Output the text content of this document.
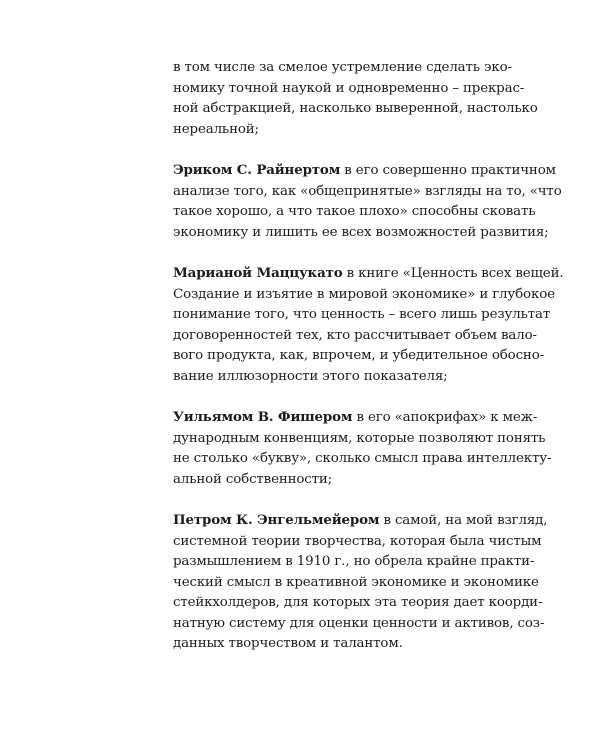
в том числе за смелое устремление сделать эко-
номику точной наукой и одновременно – прекрас-
ной абстракцией, насколько выверенной, настолько
нереальной;

Эриком С. Райнертом в его совершенно практичном
анализе того, как «общепринятые» взгляды на то, «что
такое хорошо, а что такое плохо» способны сковать
экономику и лишить ее всех возможностей развития;

Марианой Маццукато в книге «Ценность всех вещей.
Создание и изъятие в мировой экономике» и глубокое
понимание того, что ценность – всего лишь результат
договоренностей тех, кто рассчитывает объем вало-
вого продукта, как, впрочем, и убедительное обосно-
вание иллюзорности этого показателя;

Уильямом В. Фишером в его «апокрифах» к меж-
дународным конвенциям, которые позволяют понять
не столько «букву», сколько смысл права интеллекту-
альной собственности;

Петром К. Энгельмейером в самой, на мой взгляд,
системной теории творчества, которая была чистым
размышлением в 1910 г., но обрела крайне практи-
ческий смысл в креативной экономике и экономике
стейкхолдеров, для которых эта теория дает коорди-
натную систему для оценки ценности и активов, соз-
данных творчеством и талантом.
